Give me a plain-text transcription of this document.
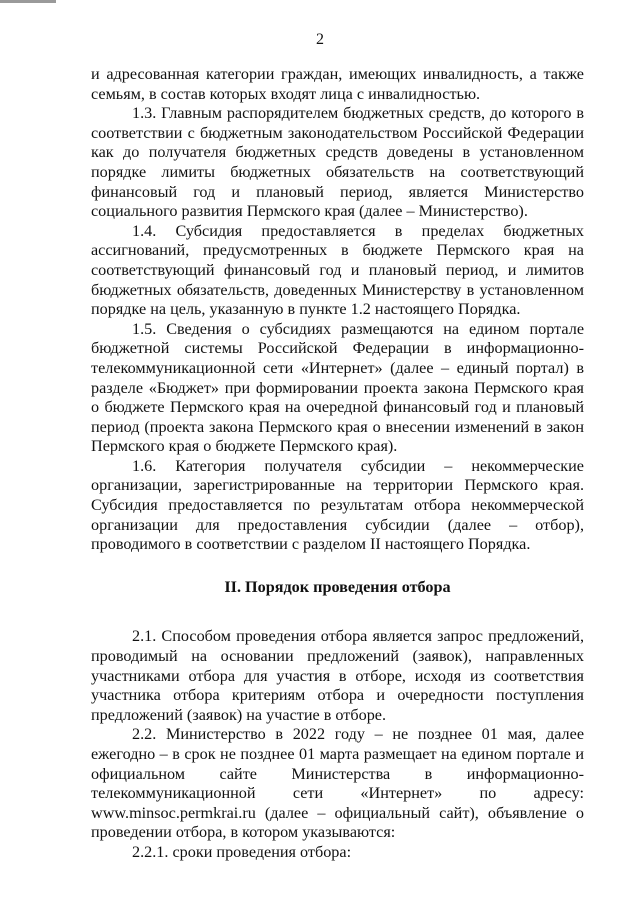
2

и адресованная категории граждан, имеющих инвалидность, а также семьям, в состав которых входят лица с инвалидностью.

1.3. Главным распорядителем бюджетных средств, до которого в соответствии с бюджетным законодательством Российской Федерации как до получателя бюджетных средств доведены в установленном порядке лимиты бюджетных обязательств на соответствующий финансовый год и плановый период, является Министерство социального развития Пермского края (далее – Министерство).

1.4. Субсидия предоставляется в пределах бюджетных ассигнований, предусмотренных в бюджете Пермского края на соответствующий финансовый год и плановый период, и лимитов бюджетных обязательств, доведенных Министерству в установленном порядке на цель, указанную в пункте 1.2 настоящего Порядка.

1.5. Сведения о субсидиях размещаются на едином портале бюджетной системы Российской Федерации в информационно-телекоммуникационной сети «Интернет» (далее – единый портал) в разделе «Бюджет» при формировании проекта закона Пермского края о бюджете Пермского края на очередной финансовый год и плановый период (проекта закона Пермского края о внесении изменений в закон Пермского края о бюджете Пермского края).

1.6. Категория получателя субсидии – некоммерческие организации, зарегистрированные на территории Пермского края. Субсидия предоставляется по результатам отбора некоммерческой организации для предоставления субсидии (далее – отбор), проводимого в соответствии с разделом II настоящего Порядка.

II. Порядок проведения отбора

2.1. Способом проведения отбора является запрос предложений, проводимый на основании предложений (заявок), направленных участниками отбора для участия в отборе, исходя из соответствия участника отбора критериям отбора и очередности поступления предложений (заявок) на участие в отборе.

2.2. Министерство в 2022 году – не позднее 01 мая, далее ежегодно – в срок не позднее 01 марта размещает на едином портале и официальном сайте Министерства в информационно-телекоммуникационной сети «Интернет» по адресу: www.minsoc.permkrai.ru (далее – официальный сайт), объявление о проведении отбора, в котором указываются:

2.2.1. сроки проведения отбора:
